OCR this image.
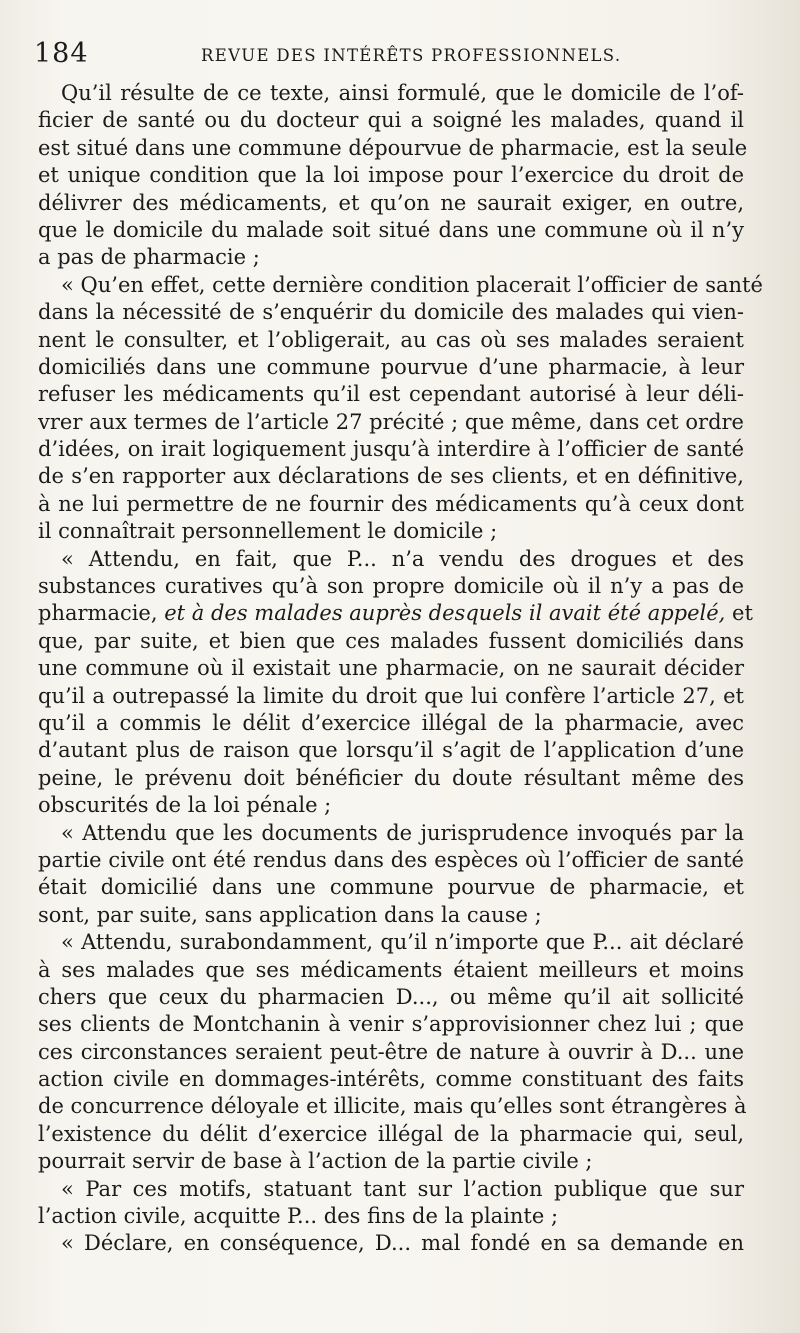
184	REVUE DES INTÉRÊTS PROFESSIONNELS.
Qu’il résulte de ce texte, ainsi formulé, que le domicile de l’of-
ficier de santé ou du docteur qui a soigné les malades, quand il
est situé dans une commune dépourvue de pharmacie, est la seule
et unique condition que la loi impose pour l’exercice du droit de
délivrer des médicaments, et qu’on ne saurait exiger, en outre,
que le domicile du malade soit situé dans une commune où il n’y
a pas de pharmacie ;
« Qu’en effet, cette dernière condition placerait l’officier de santé
dans la nécessité de s’enquérir du domicile des malades qui vien-
nent le consulter, et l’obligerait, au cas où ses malades seraient
domiciliés dans une commune pourvue d’une pharmacie, à leur
refuser les médicaments qu’il est cependant autorisé à leur déli-
vrer aux termes de l’article 27 précité ; que même, dans cet ordre
d’idées, on irait logiquement jusqu’à interdire à l’officier de santé
de s’en rapporter aux déclarations de ses clients, et en définitive,
à ne lui permettre de ne fournir des médicaments qu’à ceux dont
il connaîtrait personnellement le domicile ;
« Attendu, en fait, que P... n’a vendu des drogues et des
substances curatives qu’à son propre domicile où il n’y a pas de
pharmacie, et à des malades auprès desquels il avait été appelé, et
que, par suite, et bien que ces malades fussent domiciliés dans
une commune où il existait une pharmacie, on ne saurait décider
qu’il a outrepassé la limite du droit que lui confère l’article 27, et
qu’il a commis le délit d’exercice illégal de la pharmacie, avec
d’autant plus de raison que lorsqu’il s’agit de l’application d’une
peine, le prévenu doit bénéficier du doute résultant même des
obscurités de la loi pénale ;
« Attendu que les documents de jurisprudence invoqués par la
partie civile ont été rendus dans des espèces où l’officier de santé
était domicilié dans une commune pourvue de pharmacie, et
sont, par suite, sans application dans la cause ;
« Attendu, surabondamment, qu’il n’importe que P... ait déclaré
à ses malades que ses médicaments étaient meilleurs et moins
chers que ceux du pharmacien D..., ou même qu’il ait sollicité
ses clients de Montchanin à venir s’approvisionner chez lui ; que
ces circonstances seraient peut-être de nature à ouvrir à D... une
action civile en dommages-intérêts, comme constituant des faits
de concurrence déloyale et illicite, mais qu’elles sont étrangères à
l’existence du délit d’exercice illégal de la pharmacie qui, seul,
pourrait servir de base à l’action de la partie civile ;
« Par ces motifs, statuant tant sur l’action publique que sur
l’action civile, acquitte P... des fins de la plainte ;
« Déclare, en conséquence, D... mal fondé en sa demande en
